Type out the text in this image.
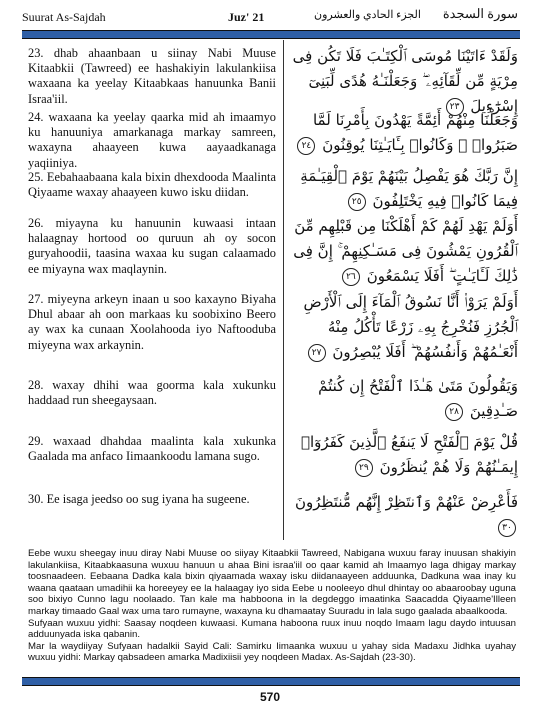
Suurat As-Sajdah	Juz' 21	الجزء الحادي والعشرون سورة السجدة
23. dhab ahaanbaan u siinay Nabi Muuse Kitaabkii (Tawreed) ee hashakiyin lakulankiisa waxaana ka yeelay Kitaabkaas hanuunka Banii Israa'iil.
وَلَقَدْ ءَاتَيْنَا مُوسَى ٱلْكِتَـٰبَ فَلَا تَكُن فِى مِرْيَةٍ مِّن لِّقَآئِهِۦ ۖ وَجَعَلْنَـٰهُ هُدًى لِّبَنِىٓ إِسْرَٰٓءِيلَ ٢٣
24. waxaana ka yeelay qaarka mid ah imaamyo ku hanuuniya amarkanaga markay samreen, waxayna ahaayeen kuwa aayaadkanaga yaqiiniya.
وَجَعَلْنَا مِنْهُمْ أَئِمَّةً يَهْدُونَ بِأَمْرِنَا لَمَّا صَبَرُوا۟ ۖ وَكَانُوا۟ بِـَٔايَـٰتِنَا يُوقِنُونَ ٢٤
25. Eebahaabaana kala bixin dhexdooda Maalinta Qiyaame waxay ahaayeen kuwo isku diidan.
إِنَّ رَبَّكَ هُوَ يَفْصِلُ بَيْنَهُمْ يَوْمَ ٱلْقِيَـٰمَةِ فِيمَا كَانُوا۟ فِيهِ يَخْتَلِفُونَ ٢٥
26. miyayna ku hanuunin kuwaasi intaan halaagnay hortood oo quruun ah oy socon guryahoodii, taasina waxaa ku sugan calaamado ee miyayna wax maqlaynin.
أَوَلَمْ يَهْدِ لَهُمْ كَمْ أَهْلَكْنَا مِن قَبْلِهِم مِّنَ ٱلْقُرُونِ يَمْشُونَ فِى مَسَـٰكِنِهِمْ ۚ إِنَّ فِى ذَٰلِكَ لَـَٔايَـٰتٍ ۖ أَفَلَا يَسْمَعُونَ ٢٦
27. miyeyna arkeyn inaan u soo kaxayno Biyaha Dhul abaar ah oon markaas ku soobixino Beero ay wax ka cunaan Xoolahooda iyo Naftooduba miyeyna wax arkaynin.
أَوَلَمْ يَرَوْا۟ أَنَّا نَسُوقُ ٱلْمَآءَ إِلَى ٱلْأَرْضِ ٱلْجُرُزِ فَنُخْرِجُ بِهِۦ زَرْعًا تَأْكُلُ مِنْهُ أَنْعَـٰمُهُمْ وَأَنفُسُهُمْ ۖ أَفَلَا يُبْصِرُونَ ٢٧
28. waxay dhihi waa goorma kala xukunku haddaad run sheegaysaan.
وَيَقُولُونَ مَتَىٰ هَـٰذَا ٱلْفَتْحُ إِن كُنتُمْ صَـٰدِقِينَ ٢٨
29. waxaad dhahdaa maalinta kala xukunka Gaalada ma anfaco Iimaankoodu lamana sugo.
قُلْ يَوْمَ ٱلْفَتْحِ لَا يَنفَعُ ٱلَّذِينَ كَفَرُوٓا۟ إِيمَـٰنُهُمْ وَلَا هُمْ يُنظَرُونَ ٢٩
30. Ee isaga jeedso oo sug iyana ha sugeene.	فَأَعْرِضْ عَنْهُمْ وَٱنتَظِرْ إِنَّهُم مُّنتَظِرُونَ ٣٠

Eebe wuxu sheegay inuu diray Nabi Muuse oo siiyay Kitaabkii Tawreed, Nabigana wuxuu faray inuusan shakiyin lakulankiisa, Kitaabkaasuna wuxuu hanuun u ahaa Bini israa'iil oo qaar kamid ah Imaamyo laga dhigay markay toosnaadeen. Eebaana Dadka kala bixin qiyaamada waxay isku diidanaayeen adduunka, Dadkuna waa inay ku waana qaataan umadihii ka horeeyey ee la halaagay iyo sida Eebe u nooleeyo dhul dhintay oo abaaroobay uguna soo bixiyo Cunno lagu noolaado. Tan kale ma habboona in la degdeggo imaatinka Saacadda Qiyaame'Illeen markay timaado Gaal wax uma taro rumayne, waxayna ku dhamaatay Suuradu in lala sugo gaalada abaalkooda.

Sufyaan wuxuu yidhi: Saasay noqdeen kuwaasi. Kumana haboona ruux inuu noqdo Imaam lagu daydo intuusan adduunyada iska qabanin.

Mar la waydiiyay Sufyaan hadalkii Sayid Cali: Samirku Iimaanka wuxuu u yahay sida Madaxu Jidhka uyahay wuxuu yidhi: Markay qabsadeen amarka Madixiisii yey noqdeen Madax. As-Sajdah (23-30).

570
